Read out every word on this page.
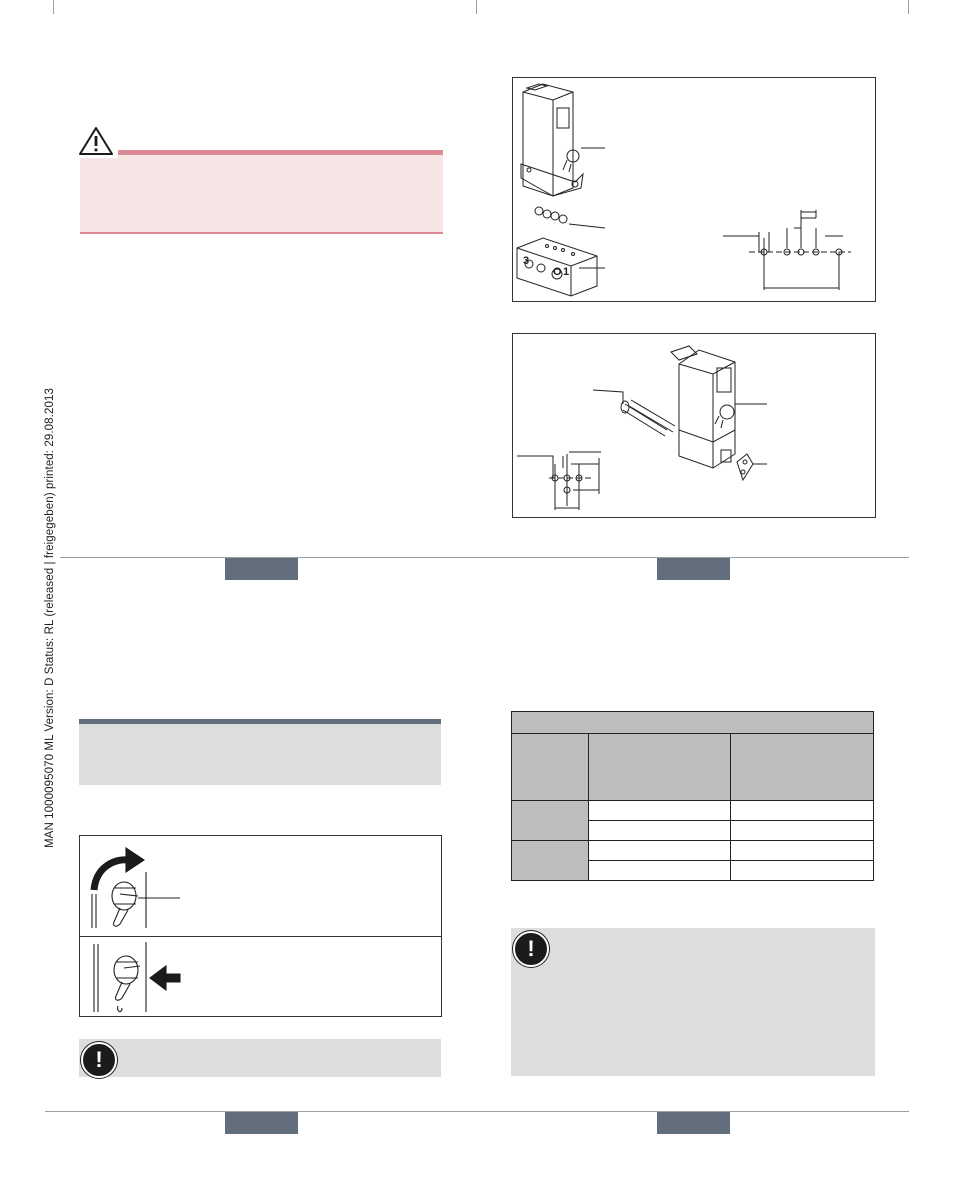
MAN 1000095070 ML Version: D Status: RL (released | freigegeben) printed: 29.08.2013
3
O 1
!

!
